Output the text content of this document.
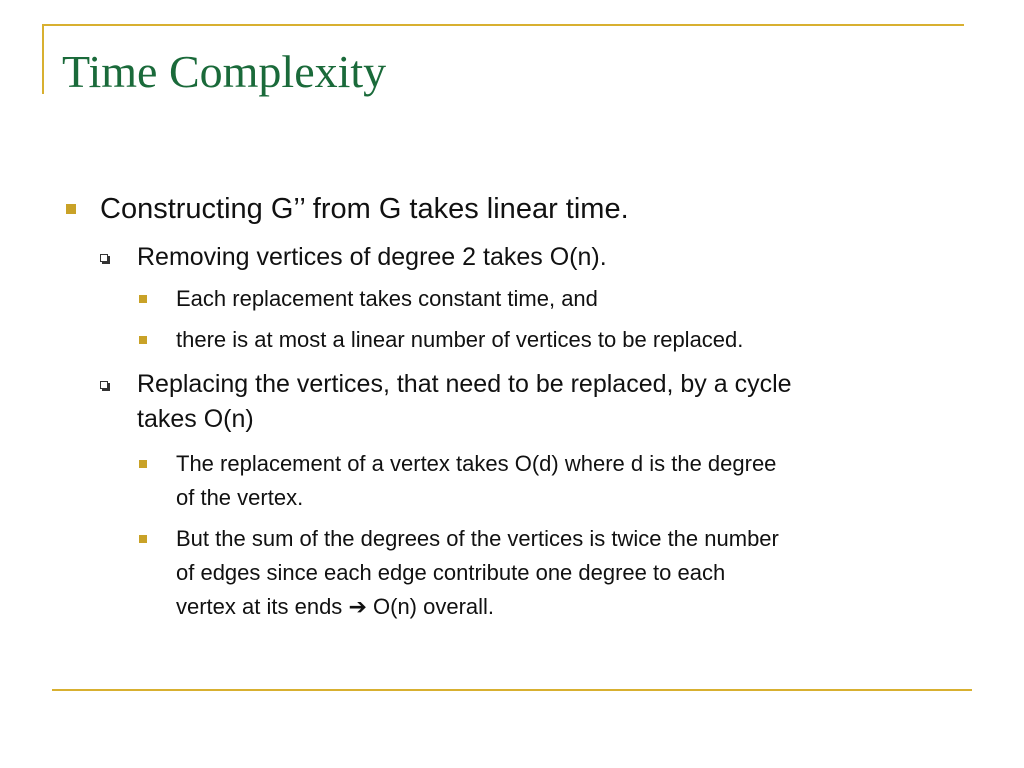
Time Complexity
Constructing G’’ from G takes linear time.
Removing vertices of degree 2 takes O(n).
Each replacement takes constant time, and
there is at most a linear number of vertices to be replaced.
Replacing the vertices, that need to be replaced, by a cycle
takes O(n)
The replacement of a vertex takes O(d) where d is the degree
of the vertex.
But the sum of the degrees of the vertices is twice the number
of edges since each edge contribute one degree to each
vertex at its ends ➔ O(n) overall.
